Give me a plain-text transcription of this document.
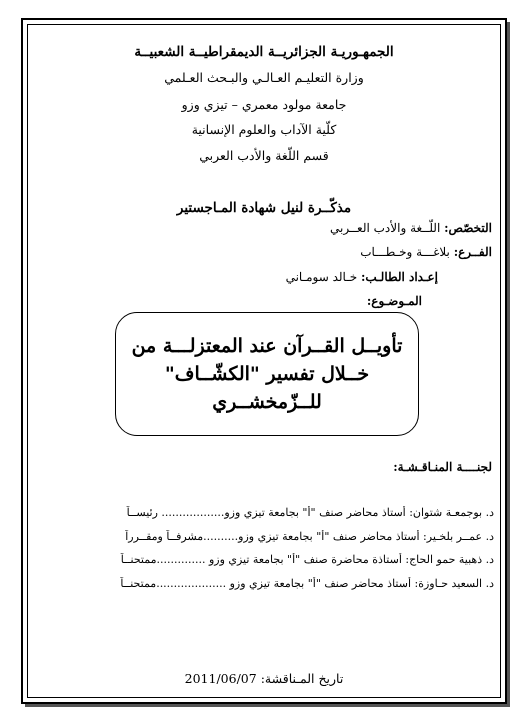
الجمهـوريـة الجزائريــة الديمقراطيــة الشعبيــة
وزارة التعليـم العـالـي والبـحث العـلمي
جامعة مولود معمري – تيزي وزو
كلّية الآداب والعلوم الإنسانية
قسم اللّغة والأدب العربي
مذكّــرة لنيل شهادة المـاجستير
التخصّص: اللّــغة والأدب العــربي
الفــرع: بلاغـــة وخـطـــاب
إعـداد الطالـب: خـالد سومـاني
المـوضـوع:
تأويــل القــرآن عند المعتزلـــة من
خــلال تفسير "الكشّــاف"
للــزّمخشــري
لجنــــة المنـاقـشـة:
د. بوجمعـة شتوان: أستاذ محاضر صنف "أ" بجامعة تيزي وزو.................. رئيســاً
د. عمــر بلخـير: أستاذ محاضر صنف "أ" بجامعة تيزي وزو..........مشرفــاً ومقــرراً
د. ذهبية حمو الحاج: أستاذة محاضرة صنف "أ" بجامعة تيزي وزو ..............ممتحنــاً
د. السعيد حـاوزة: أستاذ محاضر صنف "أ" بجامعة تيزي وزو ....................ممتحنــاً
تاريخ المـناقشة: 2011/06/07
